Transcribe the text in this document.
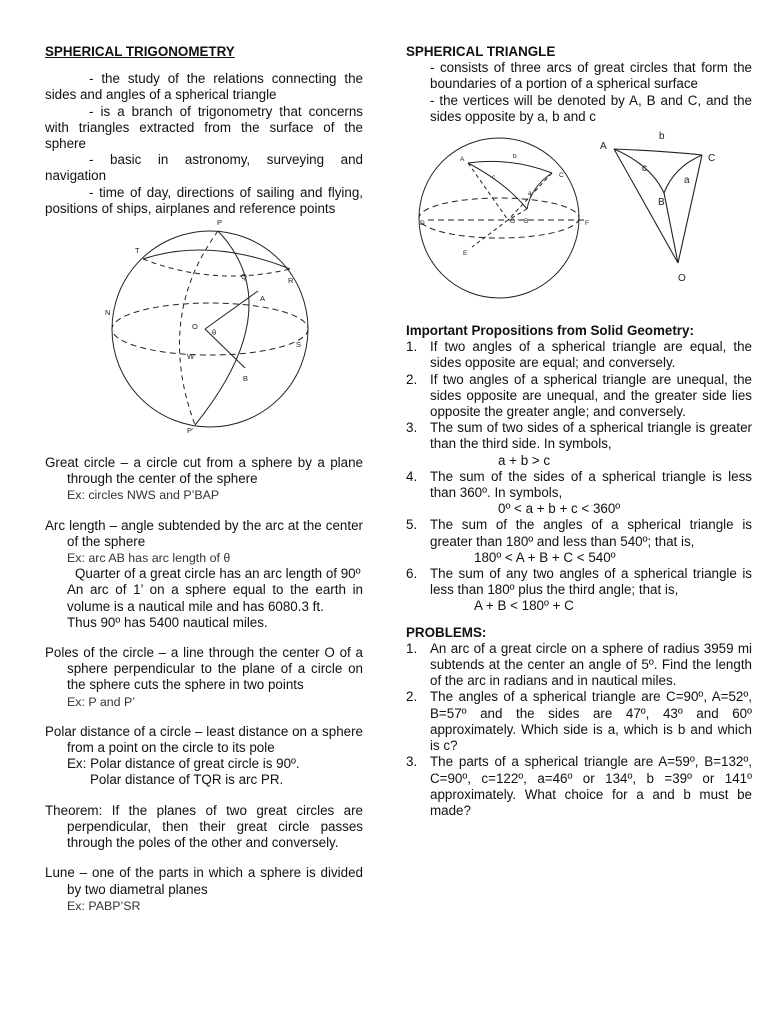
SPHERICAL TRIGONOMETRY
- the study of the relations connecting the sides and angles of a spherical triangle
- is a branch of trigonometry that concerns with triangles extracted from the surface of the sphere
- basic in astronomy, surveying and navigation
- time of day, directions of sailing and flying, positions of ships, airplanes and reference points
P
T
Q	R
A
N
O
θ
S
W
B
P’
Great circle – a circle cut from a sphere by a plane through the center of the sphere
Ex: circles NWS and P’BAP
Arc length – angle subtended by the arc at the center of the sphere
Ex: arc AB has arc length of θ
Quarter of a great circle has an arc length of 90º
An arc of 1’ on a sphere equal to the earth in volume is a nautical mile and has 6080.3 ft.
Thus 90º has 5400 nautical miles.
Poles of the circle – a line through the center O of a sphere perpendicular to the plane of a circle on the sphere cuts the sphere in two points
Ex: P and P’
Polar distance of a circle – least distance on a sphere from a point on the circle to its pole
Ex: Polar distance of great circle is 90º.
Polar distance of TQR is arc PR.
Theorem: If the planes of two great circles are perpendicular, then their great circle passes through the poles of the other and conversely.
Lune – one of the parts in which a sphere is divided by two diametral planes
Ex: PABP’SR
SPHERICAL TRIANGLE
- consists of three arcs of great circles that form the boundaries of a portion of a spherical surface
- the vertices will be denoted by A, B and C, and the sides opposite by a, b and c
A	b
c	C
a
D	O B	F
E
A
b
C
c
a
B
O
Important Propositions from Solid Geometry:
1. If two angles of a spherical triangle are equal, the sides opposite are equal; and conversely.
2. If two angles of a spherical triangle are unequal, the sides opposite are unequal, and the greater side lies opposite the greater angle; and conversely.
3. The sum of two sides of a spherical triangle is greater than the third side. In symbols,
a + b > c
4. The sum of the sides of a spherical triangle is less than 360º. In symbols,
0º < a + b + c < 360º
5. The sum of the angles of a spherical triangle is greater than 180º and less than 540º; that is,
180º < A + B + C < 540º
6. The sum of any two angles of a spherical triangle is less than 180º plus the third angle; that is,
A + B < 180º + C
PROBLEMS:
1. An arc of a great circle on a sphere of radius 3959 mi subtends at the center an angle of 5º. Find the length of the arc in radians and in nautical miles.
2. The angles of a spherical triangle are C=90º, A=52º, B=57º and the sides are 47º, 43º and 60º approximately. Which side is a, which is b and which is c?
3. The parts of a spherical triangle are A=59º, B=132º, C=90º, c=122º, a=46º or 134º, b =39º or 141º approximately. What choice for a and b must be made?
